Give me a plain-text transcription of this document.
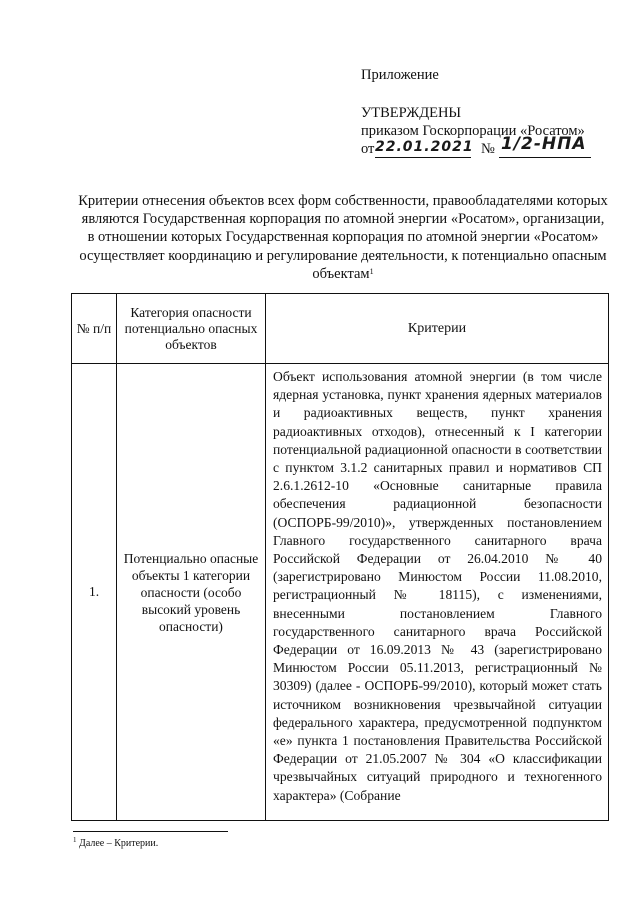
Приложение
УТВЕРЖДЕНЫ
приказом Госкорпорации «Росатом»
от 22.01.2021 № 1/2-НПА
Критерии отнесения объектов всех форм собственности, правообладателями которых являются Государственная корпорация по атомной энергии «Росатом», организации, в отношении которых Государственная корпорация по атомной энергии «Росатом» осуществляет координацию и регулирование деятельности, к потенциально опасным объектам$^1$
№ п/п	Категория опасности потенциально опасных объектов	Критерии
1.	Потенциально опасные объекты 1 категории опасности (особо высокий уровень опасности)	Объект использования атомной энергии (в том числе ядерная установка, пункт хранения ядерных материалов и радиоактивных веществ, пункт хранения радиоактивных отходов), отнесенный к I категории потенциальной радиационной опасности в соответствии с пунктом 3.1.2 санитарных правил и нормативов СП 2.6.1.2612-10 «Основные санитарные правила обеспечения радиационной безопасности (ОСПОРБ-99/2010)», утвержденных постановлением Главного государственного санитарного врача Российской Федерации от 26.04.2010 № 40 (зарегистрировано Минюстом России 11.08.2010, регистрационный № 18115), с изменениями, внесенными постановлением Главного государственного санитарного врача Российской Федерации от 16.09.2013 № 43 (зарегистрировано Минюстом России 05.11.2013, регистрационный № 30309) (далее - ОСПОРБ-99/2010), который может стать источником возникновения чрезвычайной ситуации федерального характера, предусмотренной подпунктом «е» пункта 1 постановления Правительства Российской Федерации от 21.05.2007 № 304 «О классификации чрезвычайных ситуаций природного и техногенного характера» (Собрание
$^1$ Далее – Критерии.
